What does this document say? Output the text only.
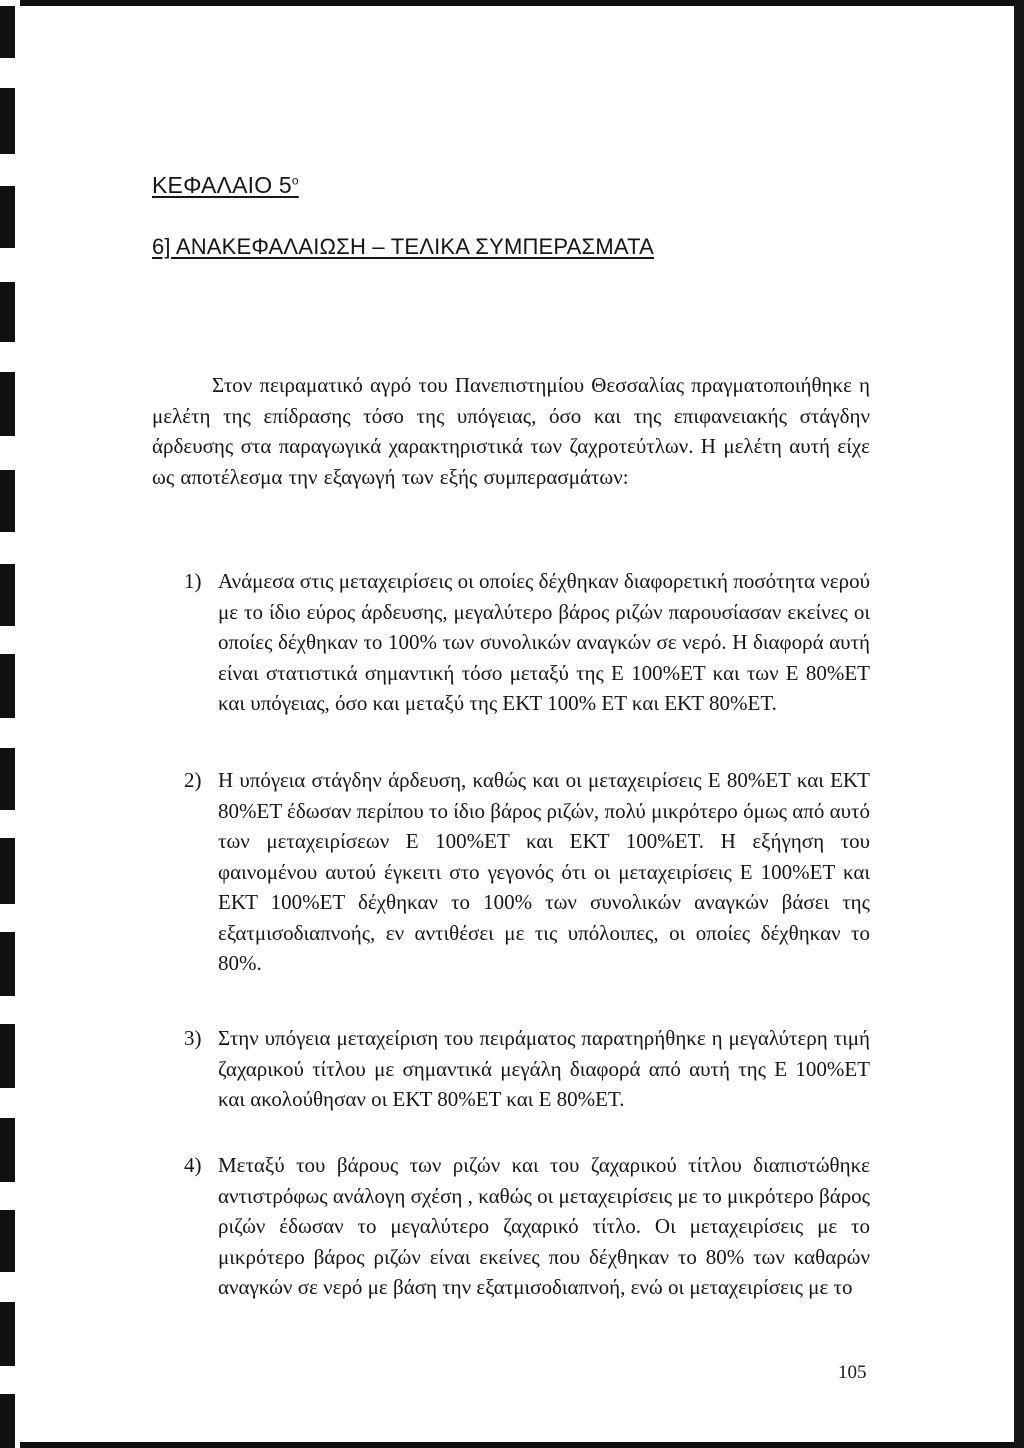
ΚΕΦΑΛΑΙΟ $5^o$
6] ΑΝΑΚΕΦΑΛΑΙΩΣΗ – ΤΕΛΙΚΑ ΣΥΜΠΕΡΑΣΜΑΤΑ

Στον πειραματικό αγρό του Πανεπιστημίου Θεσσαλίας πραγματοποιήθηκε η μελέτη της επίδρασης τόσο της υπόγειας, όσο και της επιφανειακής στάγδην άρδευσης στα παραγωγικά χαρακτηριστικά των ζαχροτεύτλων. Η μελέτη αυτή είχε ως αποτέλεσμα την εξαγωγή των εξής συμπερασμάτων:

1) Ανάμεσα στις μεταχειρίσεις οι οποίες δέχθηκαν διαφορετική ποσότητα νερού με το ίδιο εύρος άρδευσης, μεγαλύτερο βάρος ριζών παρουσίασαν εκείνες οι οποίες δέχθηκαν το 100% των συνολικών αναγκών σε νερό. Η διαφορά αυτή είναι στατιστικά σημαντική τόσο μεταξύ της Ε 100%ΕΤ και των Ε 80%ΕΤ και υπόγειας, όσο και μεταξύ της ΕΚΤ 100% ΕΤ και ΕΚΤ 80%ΕΤ.
2) Η υπόγεια στάγδην άρδευση, καθώς και οι μεταχειρίσεις Ε 80%ΕΤ και ΕΚΤ 80%ΕΤ έδωσαν περίπου το ίδιο βάρος ριζών, πολύ μικρότερο όμως από αυτό των μεταχειρίσεων Ε 100%ΕΤ και ΕΚΤ 100%ΕΤ. Η εξήγηση του φαινομένου αυτού έγκειτι στο γεγονός ότι οι μεταχειρίσεις Ε 100%ΕΤ και ΕΚΤ 100%ΕΤ δέχθηκαν το 100% των συνολικών αναγκών βάσει της εξατμισοδιαπνοής, εν αντιθέσει με τις υπόλοιπες, οι οποίες δέχθηκαν το 80%.
3) Στην υπόγεια μεταχείριση του πειράματος παρατηρήθηκε η μεγαλύτερη τιμή ζαχαρικού τίτλου με σημαντικά μεγάλη διαφορά από αυτή της Ε 100%ΕΤ και ακολούθησαν οι ΕΚΤ 80%ΕΤ και Ε 80%ΕΤ.
4) Μεταξύ του βάρους των ριζών και του ζαχαρικού τίτλου διαπιστώθηκε αντιστρόφως ανάλογη σχέση , καθώς οι μεταχειρίσεις με το μικρότερο βάρος ριζών έδωσαν το μεγαλύτερο ζαχαρικό τίτλο. Οι μεταχειρίσεις με το μικρότερο βάρος ριζών είναι εκείνες που δέχθηκαν το 80% των καθαρών αναγκών σε νερό με βάση την εξατμισοδιαπνοή, ενώ οι μεταχειρίσεις με το
105
